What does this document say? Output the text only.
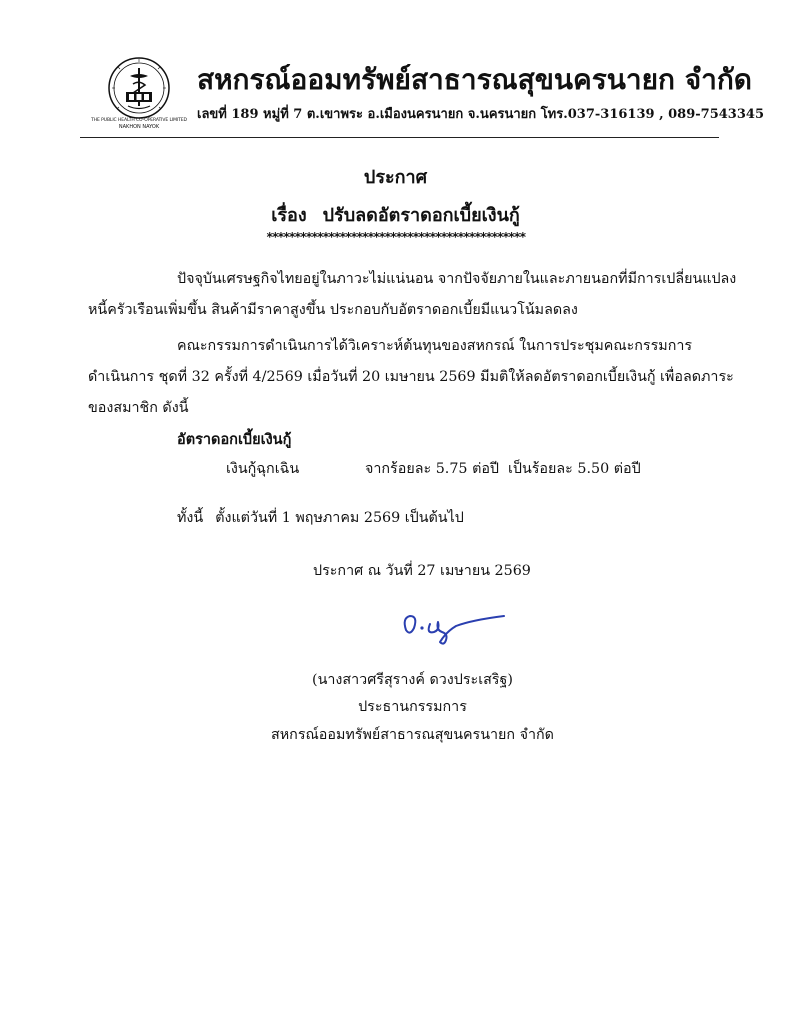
THE PUBLIC HEALTH CO-OPERATIVE LIMITED
NAKHON NAYOK
สหกรณ์ออมทรัพย์สาธารณสุขนครนายก จำกัด
เลขที่ 189 หมู่ที่ 7 ต.เขาพระ อ.เมืองนครนายก จ.นครนายก โทร.037-316139 , 089-7543345
ประกาศ
เรื่อง ปรับลดอัตราดอกเบี้ยเงินกู้
**********************************************
ปัจจุบันเศรษฐกิจไทยอยู่ในภาวะไม่แน่นอน จากปัจจัยภายในและภายนอกที่มีการเปลี่ยนแปลง
หนี้ครัวเรือนเพิ่มขึ้น สินค้ามีราคาสูงขึ้น ประกอบกับอัตราดอกเบี้ยมีแนวโน้มลดลง
คณะกรรมการดำเนินการได้วิเคราะห์ต้นทุนของสหกรณ์ ในการประชุมคณะกรรมการ
ดำเนินการ ชุดที่ 32 ครั้งที่ 4/2569 เมื่อวันที่ 20 เมษายน 2569 มีมติให้ลดอัตราดอกเบี้ยเงินกู้ เพื่อลดภาระ
ของสมาชิก ดังนี้
อัตราดอกเบี้ยเงินกู้
เงินกู้ฉุกเฉิน	จากร้อยละ 5.75 ต่อปี เป็นร้อยละ 5.50 ต่อปี
ทั้งนี้ ตั้งแต่วันที่ 1 พฤษภาคม 2569 เป็นต้นไป
ประกาศ ณ วันที่ 27 เมษายน 2569
(นางสาวศรีสุรางค์ ดวงประเสริฐ)
ประธานกรรมการ
สหกรณ์ออมทรัพย์สาธารณสุขนครนายก จำกัด
